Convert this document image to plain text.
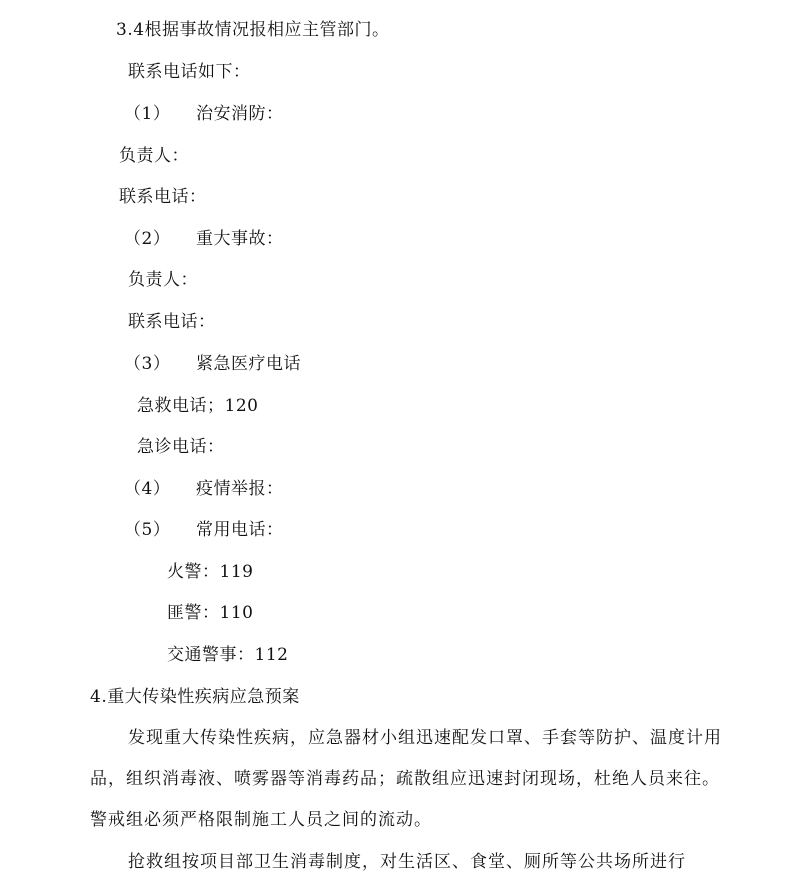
3.4根据事故情况报相应主管部门。
联系电话如下：
（1） 治安消防：
负责人：
联系电话：
（2） 重大事故：
负责人：
联系电话：
（3） 紧急医疗电话
急救电话；120
急诊电话：
（4） 疫情举报：
（5） 常用电话：
火警：119
匪警：110
交通警事：112
4.重大传染性疾病应急预案
发现重大传染性疾病，应急器材小组迅速配发口罩、手套等防护、温度计用品，组织消毒液、喷雾器等消毒药品；疏散组应迅速封闭现场，杜绝人员来往。警戒组必须严格限制施工人员之间的流动。
抢救组按项目部卫生消毒制度，对生活区、食堂、厕所等公共场所进行
